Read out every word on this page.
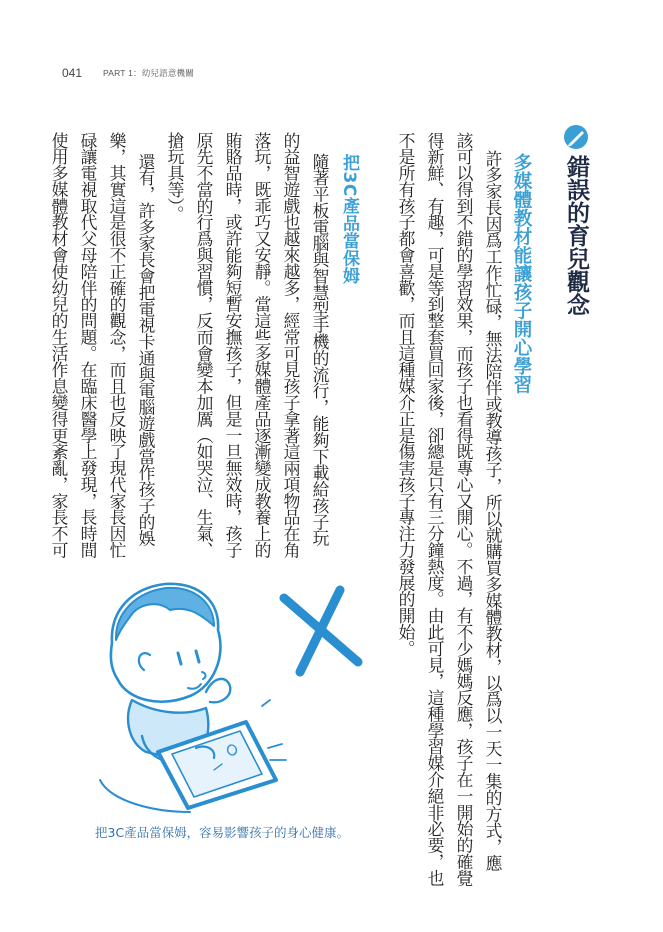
041 PART 1：幼兒語意機關
錯誤的育兒觀念
多媒體教材能讓孩子開心學習
許多家長因爲工作忙碌，無法陪伴或教導孩子，所以就購買多媒體教材，以爲以一天一集的方式，應
該可以得到不錯的學習效果，而孩子也看得既專心又開心。不過，有不少媽媽反應，孩子在一開始的確覺
得新鮮、有趣，可是等到整套買回家後，卻總是只有三分鐘熱度。由此可見，這種學習媒介絕非必要，也
不是所有孩子都會喜歡，而且這種媒介正是傷害孩子專注力發展的開始。
把3C產品當保姆
隨著平板電腦與智慧型手機的流行，能夠下載給孩子玩
的益智遊戲也越來越多，經常可見孩子拿著這兩項物品在角
落玩，既乖巧又安靜。當這些多媒體產品逐漸變成教養上的
賄賂品時，或許能夠短暫安撫孩子，但是一旦無效時，孩子
原先不當的行爲與習慣，反而會變本加厲（如哭泣、生氣、
搶玩具等）。
還有，許多家長會把電視卡通與電腦遊戲當作孩子的娛
樂，其實這是很不正確的觀念，而且也反映了現代家長因忙
碌讓電視取代父母陪伴的問題。在臨床醫學上發現，長時間
使用多媒體教材會使幼兒的生活作息變得更紊亂，家長不可
把3C產品當保姆，容易影響孩子的身心健康。
